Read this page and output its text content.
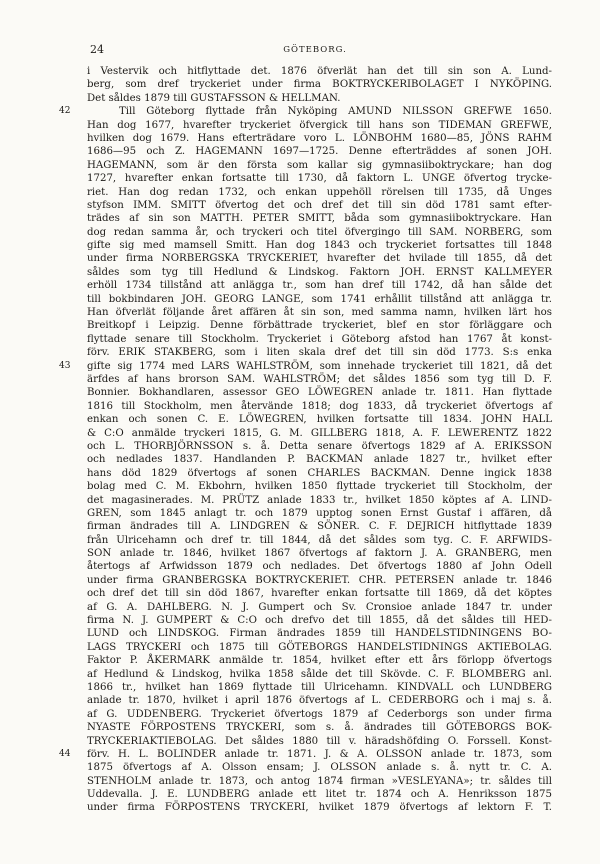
24	GÖTEBORG.
i Vestervik och hitflyttade det. 1876 öfverlät han det till sin son A. Lund-
berg, som dref tryckeriet under firma BOKTRYCKERIBOLAGET I NYKÖPING.
Det såldes 1879 till GUSTAFSSON & HELLMAN.
Till Göteborg flyttade från Nyköping AMUND NILSSON GREFWE 1650.
42
Han dog 1677, hvarefter tryckeriet öfvergick till hans son TIDEMAN GREFWE,
hvilken dog 1679. Hans efterträdare voro L. LÖNBOHM 1680—85, JÖNS RAHM
1686—95 och Z. HAGEMANN 1697—1725. Denne efterträddes af sonen JOH.
HAGEMANN, som är den första som kallar sig gymnasiiboktryckare; han dog
1727, hvarefter enkan fortsatte till 1730, då faktorn L. UNGE öfvertog trycke-
riet. Han dog redan 1732, och enkan uppehöll rörelsen till 1735, då Unges
styfson IMM. SMITT öfvertog det och dref det till sin död 1781 samt efter-
trädes af sin son MATTH. PETER SMITT, båda som gymnasiiboktryckare. Han
dog redan samma år, och tryckeri och titel öfvergingo till SAM. NORBERG, som
gifte sig med mamsell Smitt. Han dog 1843 och tryckeriet fortsattes till 1848
under firma NORBERGSKA TRYCKERIET, hvarefter det hvilade till 1855, då det
såldes som tyg till Hedlund & Lindskog. Faktorn JOH. ERNST KALLMEYER
erhöll 1734 tillstånd att anlägga tr., som han dref till 1742, då han sålde det
till bokbindaren JOH. GEORG LANGE, som 1741 erhållit tillstånd att anlägga tr.
Han öfverlät följande året affären åt sin son, med samma namn, hvilken lärt hos
Breitkopf i Leipzig. Denne förbättrade tryckeriet, blef en stor förläggare och
flyttade senare till Stockholm. Tryckeriet i Göteborg afstod han 1767 åt konst-
förv. ERIK STAKBERG, som i liten skala dref det till sin död 1773. S:s enka
gifte sig 1774 med LARS WAHLSTRÖM, som innehade tryckeriet till 1821, då det
43
ärfdes af hans brorson SAM. WAHLSTRÖM; det såldes 1856 som tyg till D. F.
Bonnier. Bokhandlaren, assessor GEO LÖWEGREN anlade tr. 1811. Han flyttade
1816 till Stockholm, men återvände 1818; dog 1833, då tryckeriet öfvertogs af
enkan och sonen C. E. LÖWEGREN, hvilken fortsatte till 1834. JOHN HALL
& C:O anmälde tryckeri 1815, G. M. GILLBERG 1818, A. F. LEWERENTZ 1822
och L. THORBJÖRNSSON s. å. Detta senare öfvertogs 1829 af A. ERIKSSON
och nedlades 1837. Handlanden P. BACKMAN anlade 1827 tr., hvilket efter
hans död 1829 öfvertogs af sonen CHARLES BACKMAN. Denne ingick 1838
bolag med C. M. Ekbohrn, hvilken 1850 flyttade tryckeriet till Stockholm, der
det magasinerades. M. PRÜTZ anlade 1833 tr., hvilket 1850 köptes af A. LIND-
GREN, som 1845 anlagt tr. och 1879 upptog sonen Ernst Gustaf i affären, då
firman ändrades till A. LINDGREN & SÖNER. C. F. DEJRICH hitflyttade 1839
från Ulricehamn och dref tr. till 1844, då det såldes som tyg. C. F. ARFWIDS-
SON anlade tr. 1846, hvilket 1867 öfvertogs af faktorn J. A. GRANBERG, men
återtogs af Arfwidsson 1879 och nedlades. Det öfvertogs 1880 af John Odell
under firma GRANBERGSKA BOKTRYCKERIET. CHR. PETERSEN anlade tr. 1846
och dref det till sin död 1867, hvarefter enkan fortsatte till 1869, då det köptes
af G. A. DAHLBERG. N. J. Gumpert och Sv. Cronsioe anlade 1847 tr. under
firma N. J. GUMPERT & C:O och drefvo det till 1855, då det såldes till HED-
LUND och LINDSKOG. Firman ändrades 1859 till HANDELSTIDNINGENS BO-
LAGS TRYCKERI och 1875 till GÖTEBORGS HANDELSTIDNINGS AKTIEBOLAG.
Faktor P. ÅKERMARK anmälde tr. 1854, hvilket efter ett års förlopp öfvertogs
af Hedlund & Lindskog, hvilka 1858 sålde det till Skövde. C. F. BLOMBERG anl.
1866 tr., hvilket han 1869 flyttade till Ulricehamn. KINDVALL och LUNDBERG
anlade tr. 1870, hvilket i april 1876 öfvertogs af L. CEDERBORG och i maj s. å.
af G. UDDENBERG. Tryckeriet öfvertogs 1879 af Cederborgs son under firma
NYASTE FÖRPOSTENS TRYCKERI, som s. å. ändrades till GÖTEBORGS BOK-
TRYCKERIAKTIEBOLAG. Det såldes 1880 till v. häradshöfding O. Forssell. Konst-
förv. H. L. BOLINDER anlade tr. 1871. J. & A. OLSSON anlade tr. 1873, som
44
1875 öfvertogs af A. Olsson ensam; J. OLSSON anlade s. å. nytt tr. C. A.
STENHOLM anlade tr. 1873, och antog 1874 firman »VESLEYANA»; tr. såldes till
Uddevalla. J. E. LUNDBERG anlade ett litet tr. 1874 och A. Henriksson 1875
under firma FÖRPOSTENS TRYCKERI, hvilket 1879 öfvertogs af lektorn F. T.
